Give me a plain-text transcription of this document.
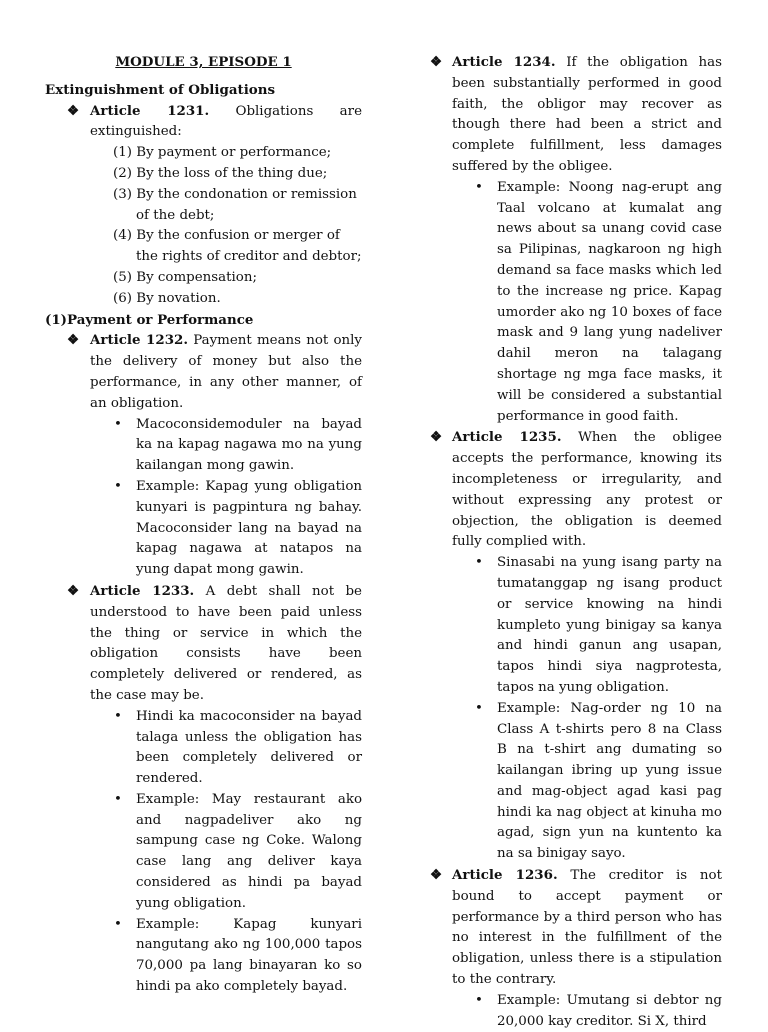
MODULE 3, EPISODE 1
Extinguishment of Obligations
❖ Article 1231. Obligations are extinguished:
(1) By payment or performance;
(2) By the loss of the thing due;
(3) By the condonation or remission of the debt;
(4) By the confusion or merger of the rights of creditor and debtor;
(5) By compensation;
(6) By novation.
(1) Payment or Performance
❖ Article 1232. Payment means not only the delivery of money but also the performance, in any other manner, of an obligation.
• Macoconsidemoduler na bayad ka na kapag nagawa mo na yung kailangan mong gawin.
• Example: Kapag yung obligation kunyari is pagpintura ng bahay. Macoconsider lang na bayad na kapag nagawa at natapos na yung dapat mong gawin.
❖ Article 1233. A debt shall not be understood to have been paid unless the thing or service in which the obligation consists have been completely delivered or rendered, as the case may be.
• Hindi ka macoconsider na bayad talaga unless the obligation has been completely delivered or rendered.
• Example: May restaurant ako and nagpadeliver ako ng sampung case ng Coke. Walong case lang ang deliver kaya considered as hindi pa bayad yung obligation.
• Example: Kapag kunyari nangutang ako ng 100,000 tapos 70,000 pa lang binayaran ko so hindi pa ako completely bayad.
❖ Article 1234. If the obligation has been substantially performed in good faith, the obligor may recover as though there had been a strict and complete fulfillment, less damages suffered by the obligee.
• Example: Noong nag-erupt ang Taal volcano at kumalat ang news about sa unang covid case sa Pilipinas, nagkaroon ng high demand sa face masks which led to the increase ng price. Kapag umorder ako ng 10 boxes of face mask and 9 lang yung nadeliver dahil meron na talagang shortage ng mga face masks, it will be considered a substantial performance in good faith.
❖ Article 1235. When the obligee accepts the performance, knowing its incompleteness or irregularity, and without expressing any protest or objection, the obligation is deemed fully complied with.
• Sinasabi na yung isang party na tumatanggap ng isang product or service knowing na hindi kumpleto yung binigay sa kanya and hindi ganun ang usapan, tapos hindi siya nagprotesta, tapos na yung obligation.
• Example: Nag-order ng 10 na Class A t-shirts pero 8 na Class B na t-shirt ang dumating so kailangan ibring up yung issue and mag-object agad kasi pag hindi ka nag object at kinuha mo agad, sign yun na kuntento ka na sa binigay sayo.
❖ Article 1236. The creditor is not bound to accept payment or performance by a third person who has no interest in the fulfillment of the obligation, unless there is a stipulation to the contrary.
• Example: Umutang si debtor ng 20,000 kay creditor. Si X, third
